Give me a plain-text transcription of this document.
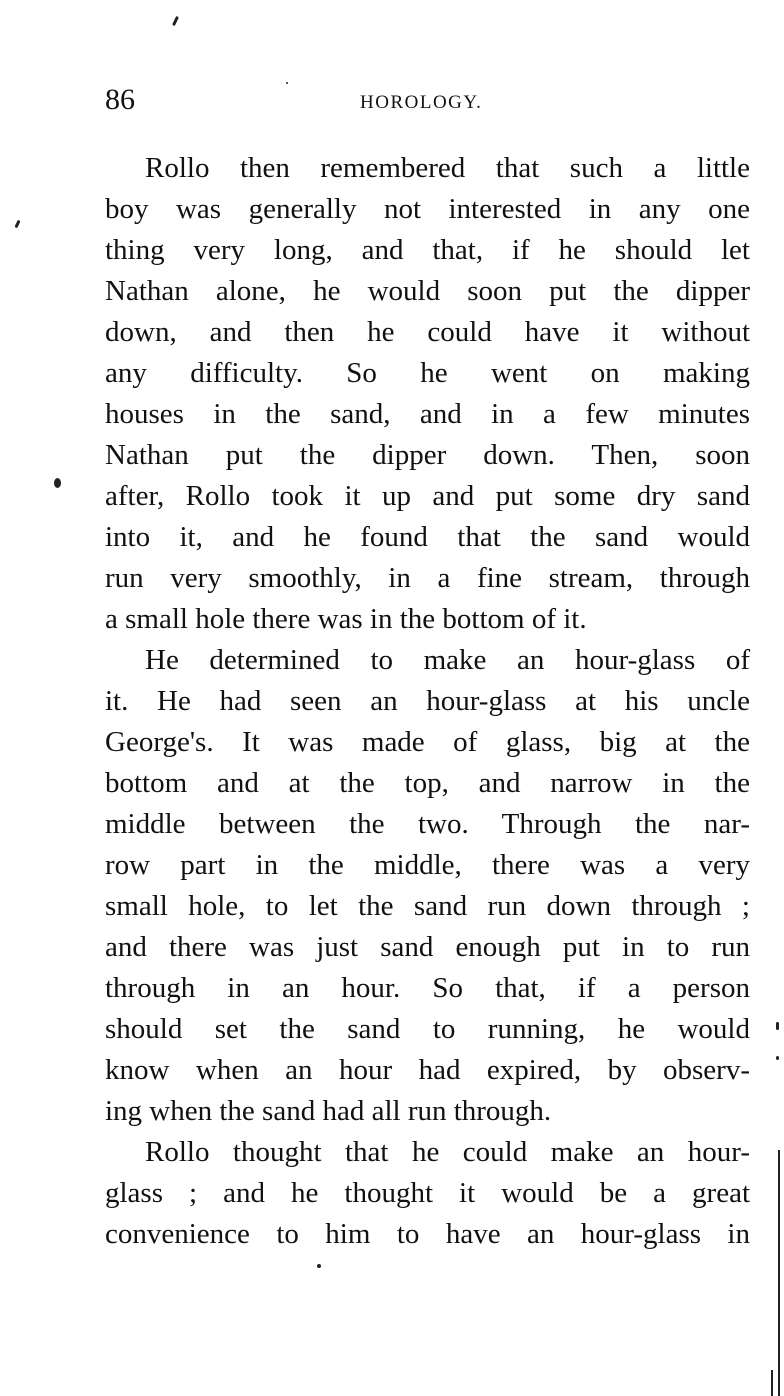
86	HOROLOGY.
Rollo then remembered that such a little
boy was generally not interested in any one
thing very long, and that, if he should let
Nathan alone, he would soon put the dipper
down, and then he could have it without
any difficulty. So he went on making
houses in the sand, and in a few minutes
Nathan put the dipper down. Then, soon
after, Rollo took it up and put some dry sand
into it, and he found that the sand would
run very smoothly, in a fine stream, through
a small hole there was in the bottom of it.
He determined to make an hour-glass of
it. He had seen an hour-glass at his uncle
George's. It was made of glass, big at the
bottom and at the top, and narrow in the
middle between the two. Through the nar-
row part in the middle, there was a very
small hole, to let the sand run down through ;
and there was just sand enough put in to run
through in an hour. So that, if a person
should set the sand to running, he would
know when an hour had expired, by observ-
ing when the sand had all run through.
Rollo thought that he could make an hour-
glass ; and he thought it would be a great
convenience to him to have an hour-glass in
